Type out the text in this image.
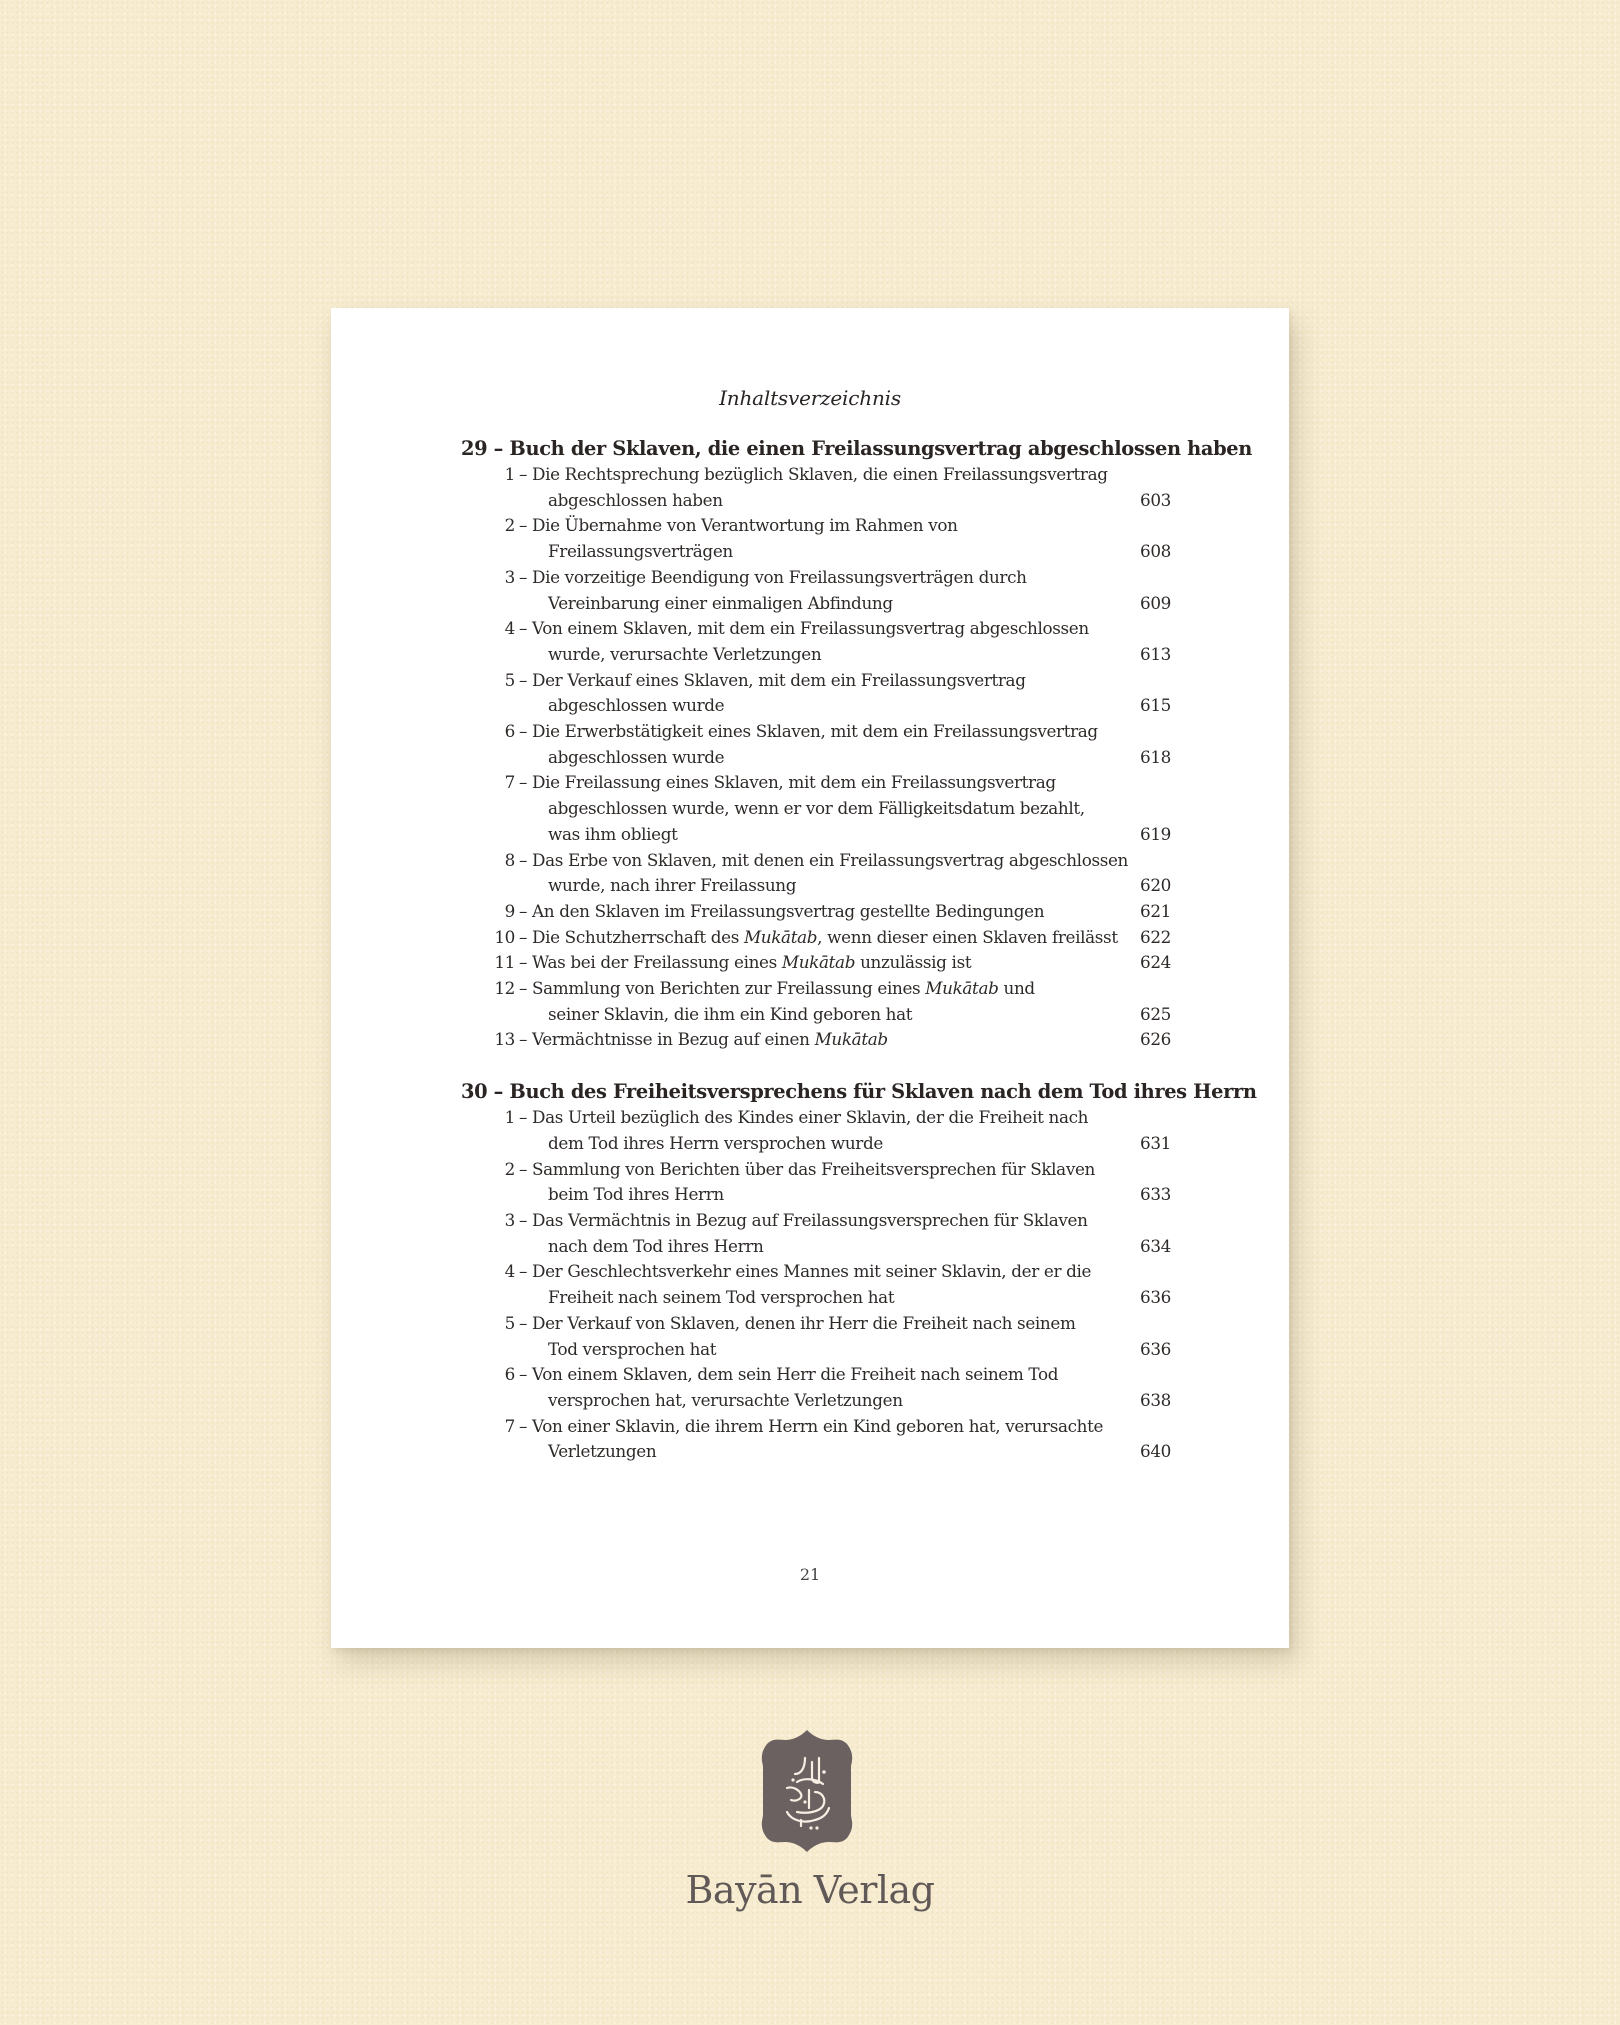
Inhaltsverzeichnis
29 – Buch der Sklaven, die einen Freilassungsvertrag abgeschlossen haben
1 – Die Rechtsprechung bezüglich Sklaven, die einen Freilassungsvertrag
abgeschlossen haben	603
2 – Die Übernahme von Verantwortung im Rahmen von
Freilassungsverträgen	608
3 – Die vorzeitige Beendigung von Freilassungsverträgen durch
Vereinbarung einer einmaligen Abfindung	609
4 – Von einem Sklaven, mit dem ein Freilassungsvertrag abgeschlossen
wurde, verursachte Verletzungen	613
5 – Der Verkauf eines Sklaven, mit dem ein Freilassungsvertrag
abgeschlossen wurde	615
6 – Die Erwerbstätigkeit eines Sklaven, mit dem ein Freilassungsvertrag
abgeschlossen wurde	618
7 – Die Freilassung eines Sklaven, mit dem ein Freilassungsvertrag
abgeschlossen wurde, wenn er vor dem Fälligkeitsdatum bezahlt,
was ihm obliegt	619
8 – Das Erbe von Sklaven, mit denen ein Freilassungsvertrag abgeschlossen
wurde, nach ihrer Freilassung	620
9 – An den Sklaven im Freilassungsvertrag gestellte Bedingungen	621
10 – Die Schutzherrschaft des Mukātab, wenn dieser einen Sklaven freilässt	622
11 – Was bei der Freilassung eines Mukātab unzulässig ist	624
12 – Sammlung von Berichten zur Freilassung eines Mukātab und
seiner Sklavin, die ihm ein Kind geboren hat	625
13 – Vermächtnisse in Bezug auf einen Mukātab	626
30 – Buch des Freiheitsversprechens für Sklaven nach dem Tod ihres Herrn
1 – Das Urteil bezüglich des Kindes einer Sklavin, der die Freiheit nach
dem Tod ihres Herrn versprochen wurde	631
2 – Sammlung von Berichten über das Freiheitsversprechen für Sklaven
beim Tod ihres Herrn	633
3 – Das Vermächtnis in Bezug auf Freilassungsversprechen für Sklaven
nach dem Tod ihres Herrn	634
4 – Der Geschlechtsverkehr eines Mannes mit seiner Sklavin, der er die
Freiheit nach seinem Tod versprochen hat	636
5 – Der Verkauf von Sklaven, denen ihr Herr die Freiheit nach seinem
Tod versprochen hat	636
6 – Von einem Sklaven, dem sein Herr die Freiheit nach seinem Tod
versprochen hat, verursachte Verletzungen	638
7 – Von einer Sklavin, die ihrem Herrn ein Kind geboren hat, verursachte
Verletzungen	640
21
Bayān Verlag
